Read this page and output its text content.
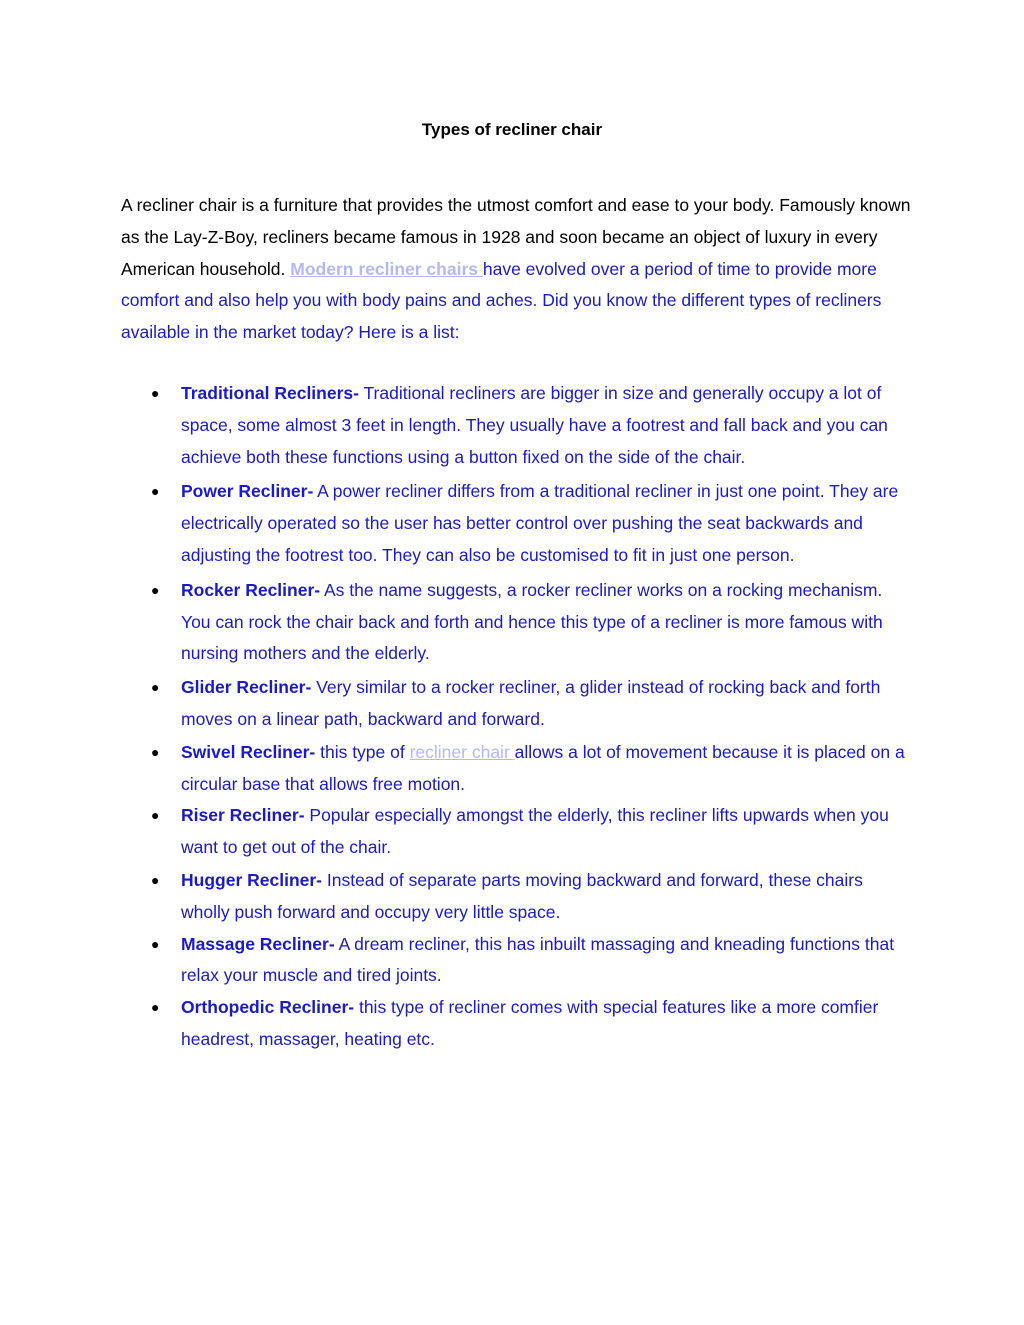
Types of recliner chair

A recliner chair is a furniture that provides the utmost comfort and ease to your body. Famously known as the Lay-Z-Boy, recliners became famous in 1928 and soon became an object of luxury in every American household. Modern recliner chairs have evolved over a period of time to provide more comfort and also help you with body pains and aches. Did you know the different types of recliners available in the market today? Here is a list:

● Traditional Recliners- Traditional recliners are bigger in size and generally occupy a lot of space, some almost 3 feet in length. They usually have a footrest and fall back and you can achieve both these functions using a button fixed on the side of the chair.
● Power Recliner- A power recliner differs from a traditional recliner in just one point. They are electrically operated so the user has better control over pushing the seat backwards and adjusting the footrest too. They can also be customised to fit in just one person.
● Rocker Recliner- As the name suggests, a rocker recliner works on a rocking mechanism. You can rock the chair back and forth and hence this type of a recliner is more famous with nursing mothers and the elderly.
● Glider Recliner- Very similar to a rocker recliner, a glider instead of rocking back and forth moves on a linear path, backward and forward.
● Swivel Recliner- this type of recliner chair allows a lot of movement because it is placed on a circular base that allows free motion.
● Riser Recliner- Popular especially amongst the elderly, this recliner lifts upwards when you want to get out of the chair.
● Hugger Recliner- Instead of separate parts moving backward and forward, these chairs wholly push forward and occupy very little space.
● Massage Recliner- A dream recliner, this has inbuilt massaging and kneading functions that relax your muscle and tired joints.
● Orthopedic Recliner- this type of recliner comes with special features like a more comfier headrest, massager, heating etc.
